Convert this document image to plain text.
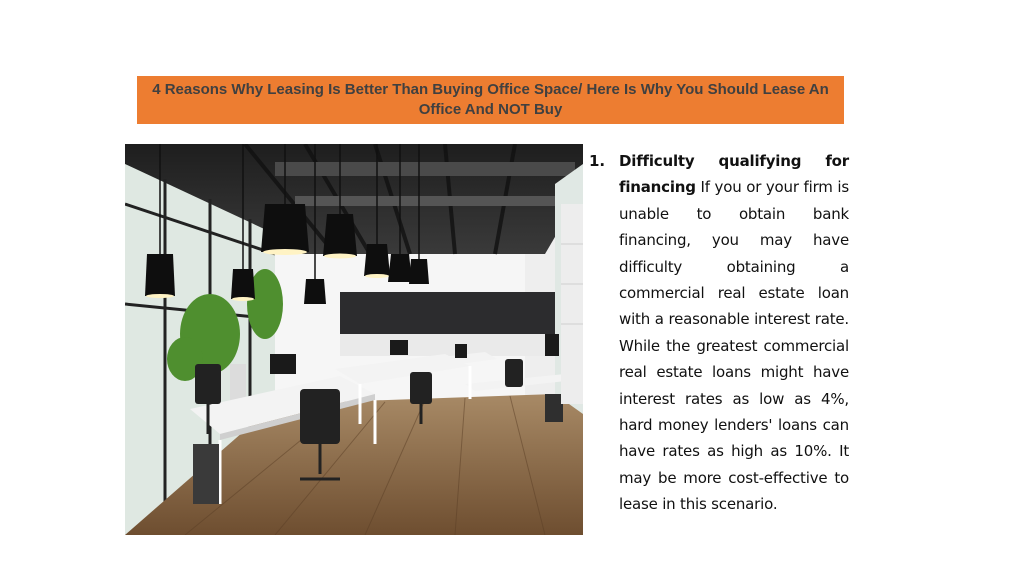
4 Reasons Why Leasing Is Better Than Buying Office Space/ Here Is Why You Should Lease An Office And NOT Buy
1. Difficulty qualifying for financing If you or your firm is unable to obtain bank financing, you may have difficulty obtaining a commercial real estate loan with a reasonable interest rate. While the greatest commercial real estate loans might have interest rates as low as 4%, hard money lenders' loans can have rates as high as 10%. It may be more cost-effective to lease in this scenario.
